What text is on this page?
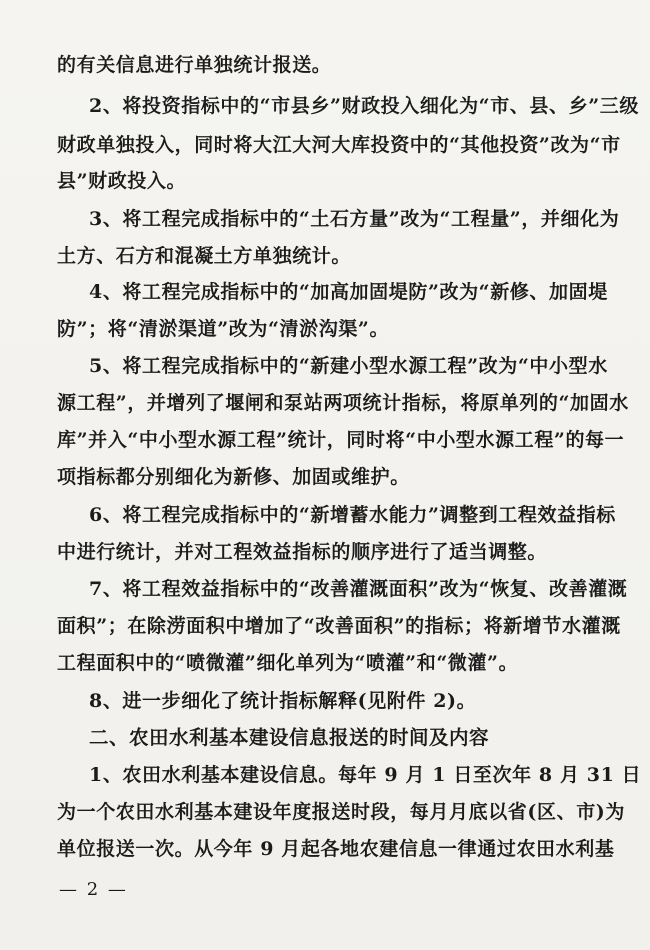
的有关信息进行单独统计报送。
2、将投资指标中的“市县乡”财政投入细化为“市、县、乡”三级
财政单独投入，同时将大江大河大库投资中的“其他投资”改为“市
县”财政投入。
3、将工程完成指标中的“土石方量”改为“工程量”，并细化为
土方、石方和混凝土方单独统计。
4、将工程完成指标中的“加高加固堤防”改为“新修、加固堤
防”；将“清淤渠道”改为“清淤沟渠”。
5、将工程完成指标中的“新建小型水源工程”改为“中小型水
源工程”，并增列了堰闸和泵站两项统计指标，将原单列的“加固水
库”并入“中小型水源工程”统计，同时将“中小型水源工程”的每一
项指标都分别细化为新修、加固或维护。
6、将工程完成指标中的“新增蓄水能力”调整到工程效益指标
中进行统计，并对工程效益指标的顺序进行了适当调整。
7、将工程效益指标中的“改善灌溉面积”改为“恢复、改善灌溉
面积”；在除涝面积中增加了“改善面积”的指标；将新增节水灌溉
工程面积中的“喷微灌”细化单列为“喷灌”和“微灌”。
8、进一步细化了统计指标解释(见附件 2)。
二、农田水利基本建设信息报送的时间及内容
1、农田水利基本建设信息。每年 9 月 1 日至次年 8 月 31 日
为一个农田水利基本建设年度报送时段，每月月底以省(区、市)为
单位报送一次。从今年 9 月起各地农建信息一律通过农田水利基
— 2 —
